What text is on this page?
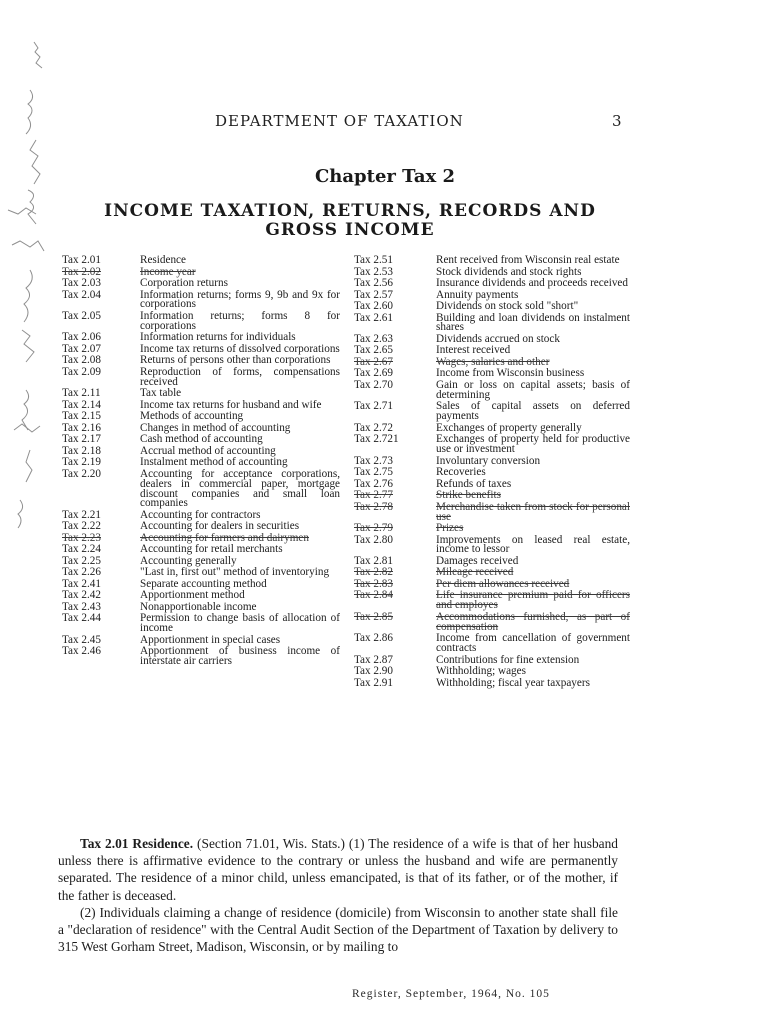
DEPARTMENT OF TAXATION	3
Chapter Tax 2
INCOME TAXATION, RETURNS, RECORDS AND GROSS INCOME
Tax 2.01	Residence
Tax 2.02	Income year
Tax 2.03	Corporation returns
Tax 2.04	Information returns; forms 9, 9b and 9x for corporations
Tax 2.05	Information returns; forms 8 for corporations
Tax 2.06	Information returns for individuals
Tax 2.07	Income tax returns of dissolved corporations
Tax 2.08	Returns of persons other than corporations
Tax 2.09	Reproduction of forms, compensations received
Tax 2.11	Tax table
Tax 2.14	Income tax returns for husband and wife
Tax 2.15	Methods of accounting
Tax 2.16	Changes in method of accounting
Tax 2.17	Cash method of accounting
Tax 2.18	Accrual method of accounting
Tax 2.19	Instalment method of accounting
Tax 2.20	Accounting for acceptance corporations, dealers in commercial paper, mortgage discount companies and small loan companies
Tax 2.21	Accounting for contractors
Tax 2.22	Accounting for dealers in securities
Tax 2.23	Accounting for farmers and dairymen
Tax 2.24	Accounting for retail merchants
Tax 2.25	Accounting generally
Tax 2.26	"Last in, first out" method of inventorying
Tax 2.41	Separate accounting method
Tax 2.42	Apportionment method
Tax 2.43	Nonapportionable income
Tax 2.44	Permission to change basis of allocation of income
Tax 2.45	Apportionment in special cases
Tax 2.46	Apportionment of business income of interstate air carriers
Tax 2.51	Rent received from Wisconsin real estate
Tax 2.53	Stock dividends and stock rights
Tax 2.56	Insurance dividends and proceeds received
Tax 2.57	Annuity payments
Tax 2.60	Dividends on stock sold "short"
Tax 2.61	Building and loan dividends on instalment shares
Tax 2.63	Dividends accrued on stock
Tax 2.65	Interest received
Tax 2.67	Wages, salaries and other
Tax 2.69	Income from Wisconsin business
Tax 2.70	Gain or loss on capital assets; basis of determining
Tax 2.71	Sales of capital assets on deferred payments
Tax 2.72	Exchanges of property generally
Tax 2.721	Exchanges of property held for productive use or investment
Tax 2.73	Involuntary conversion
Tax 2.75	Recoveries
Tax 2.76	Refunds of taxes
Tax 2.77	Strike benefits
Tax 2.78	Merchandise taken from stock for personal use
Tax 2.79	Prizes
Tax 2.80	Improvements on leased real estate, income to lessor
Tax 2.81	Damages received
Tax 2.82	Mileage received
Tax 2.83	Per diem allowances received
Tax 2.84	Life insurance premium paid for officers and employes
Tax 2.85	Accommodations furnished, as part of compensation
Tax 2.86	Income from cancellation of government contracts
Tax 2.87	Contributions for fine extension
Tax 2.90	Withholding; wages
Tax 2.91	Withholding; fiscal year taxpayers

Tax 2.01 Residence. (Section 71.01, Wis. Stats.) (1) The residence of a wife is that of her husband unless there is affirmative evidence to the contrary or unless the husband and wife are permanently separated. The residence of a minor child, unless emancipated, is that of its father, or of the mother, if the father is deceased.

(2) Individuals claiming a change of residence (domicile) from Wisconsin to another state shall file a "declaration of residence" with the Central Audit Section of the Department of Taxation by delivery to 315 West Gorham Street, Madison, Wisconsin, or by mailing to

Register, September, 1964, No. 105
